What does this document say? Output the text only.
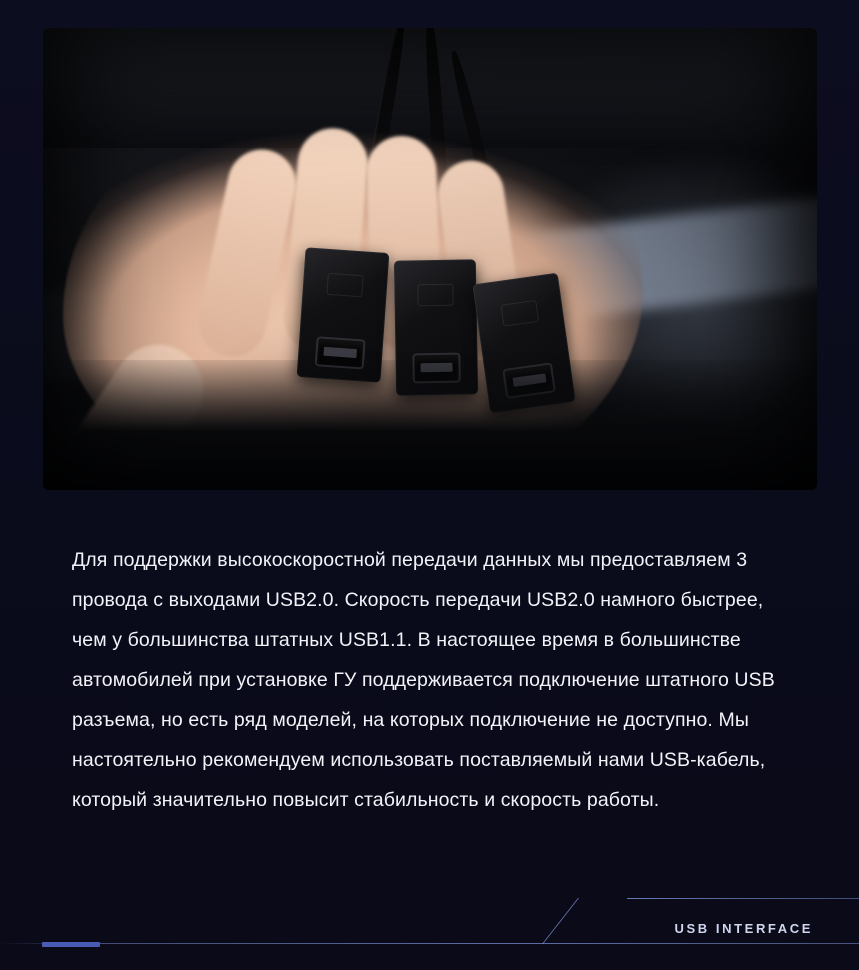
Для поддержки высокоскоростной передачи данных мы предоставляем 3 провода с выходами USB2.0. Скорость передачи USB2.0 намного быстрее, чем у большинства штатных USB1.1. В настоящее время в большинстве автомобилей при установке ГУ поддерживается подключение штатного USB разъема, но есть ряд моделей, на которых подключение не доступно. Мы настоятельно рекомендуем использовать поставляемый нами USB-кабель, который значительно повысит стабильность и скорость работы.
USB INTERFACE
